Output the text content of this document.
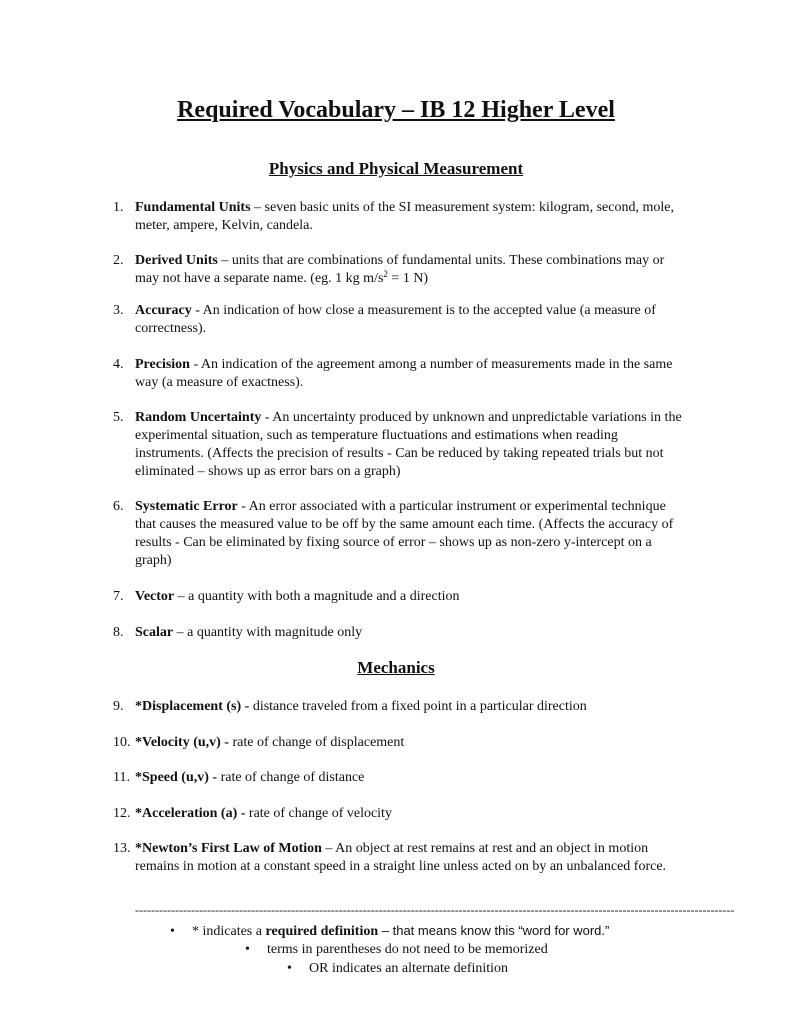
Required Vocabulary – IB 12 Higher Level
Physics and Physical Measurement
1. Fundamental Units – seven basic units of the SI measurement system: kilogram, second, mole, meter, ampere, Kelvin, candela.
2. Derived Units – units that are combinations of fundamental units. These combinations may or may not have a separate name. (eg. 1 kg $m/s^2 = 1$ N)
3. Accuracy - An indication of how close a measurement is to the accepted value (a measure of correctness).
4. Precision - An indication of the agreement among a number of measurements made in the same way (a measure of exactness).
5. Random Uncertainty - An uncertainty produced by unknown and unpredictable variations in the experimental situation, such as temperature fluctuations and estimations when reading instruments. (Affects the precision of results - Can be reduced by taking repeated trials but not eliminated – shows up as error bars on a graph)
6. Systematic Error - An error associated with a particular instrument or experimental technique that causes the measured value to be off by the same amount each time. (Affects the accuracy of results - Can be eliminated by fixing source of error – shows up as non-zero y-intercept on a graph)
7. Vector – a quantity with both a magnitude and a direction
8. Scalar – a quantity with magnitude only
Mechanics
9. *Displacement (s) - distance traveled from a fixed point in a particular direction
10. *Velocity (u,v) - rate of change of displacement
11. *Speed (u,v) - rate of change of distance
12. *Acceleration (a) - rate of change of velocity
13. *Newton’s First Law of Motion – An object at rest remains at rest and an object in motion remains in motion at a constant speed in a straight line unless acted on by an unbalanced force.
------------------------------------------------------------------------------------------------------------------------------------------------------
• * indicates a required definition – that means know this “word for word.”
• terms in parentheses do not need to be memorized
• OR indicates an alternate definition
